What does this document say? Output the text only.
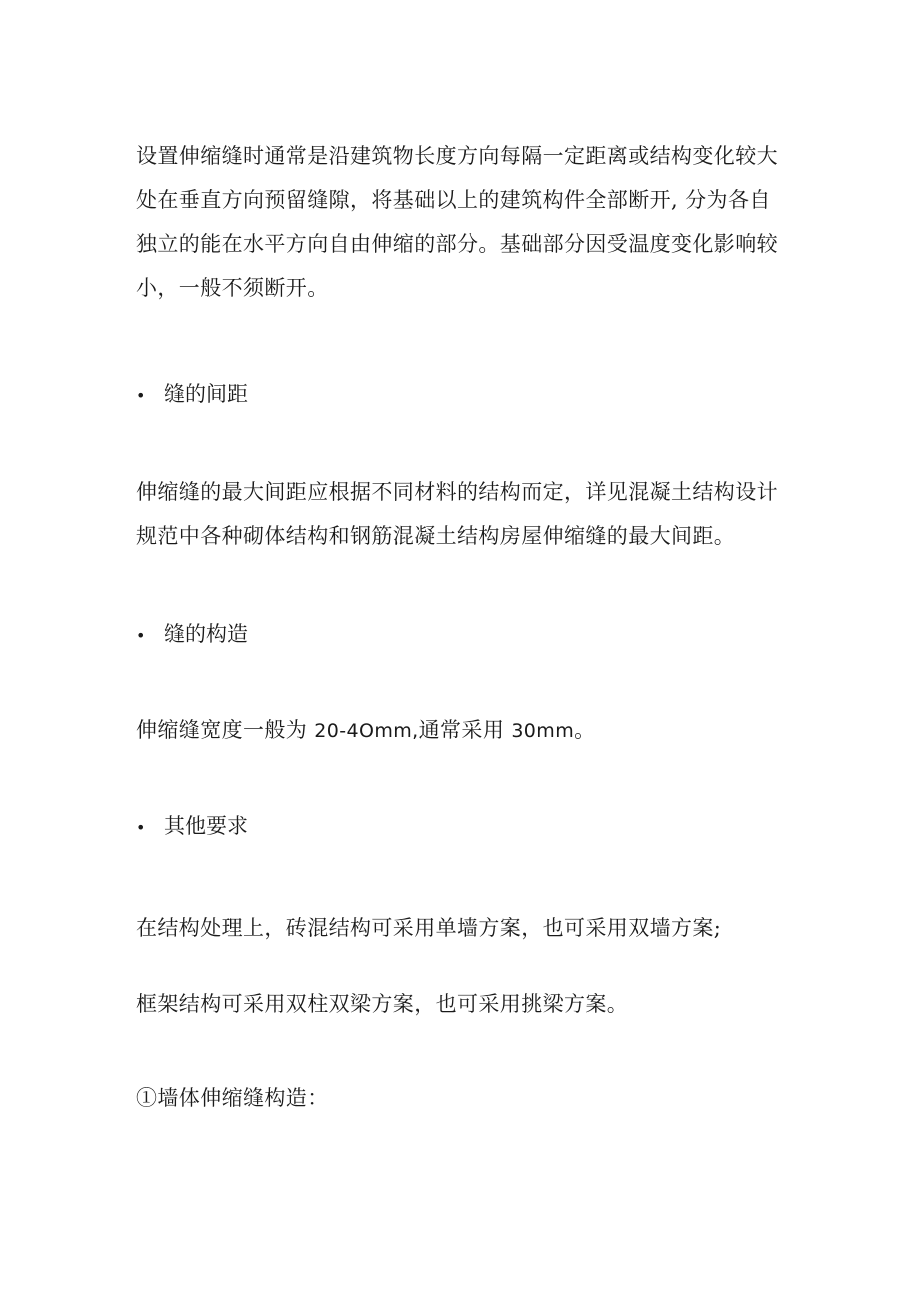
设置伸缩缝时通常是沿建筑物长度方向每隔一定距离或结构变化较大
处在垂直方向预留缝隙，将基础以上的建筑构件全部断开, 分为各自
独立的能在水平方向自由伸缩的部分。基础部分因受温度变化影响较
小，一般不须断开。
• 缝的间距
伸缩缝的最大间距应根据不同材料的结构而定，详见混凝土结构设计
规范中各种砌体结构和钢筋混凝土结构房屋伸缩缝的最大间距。
• 缝的构造
伸缩缝宽度一般为 20-4Omm,通常采用 30mm。
• 其他要求
在结构处理上，砖混结构可采用单墙方案，也可采用双墙方案;
框架结构可采用双柱双梁方案，也可采用挑梁方案。
①墙体伸缩缝构造：
